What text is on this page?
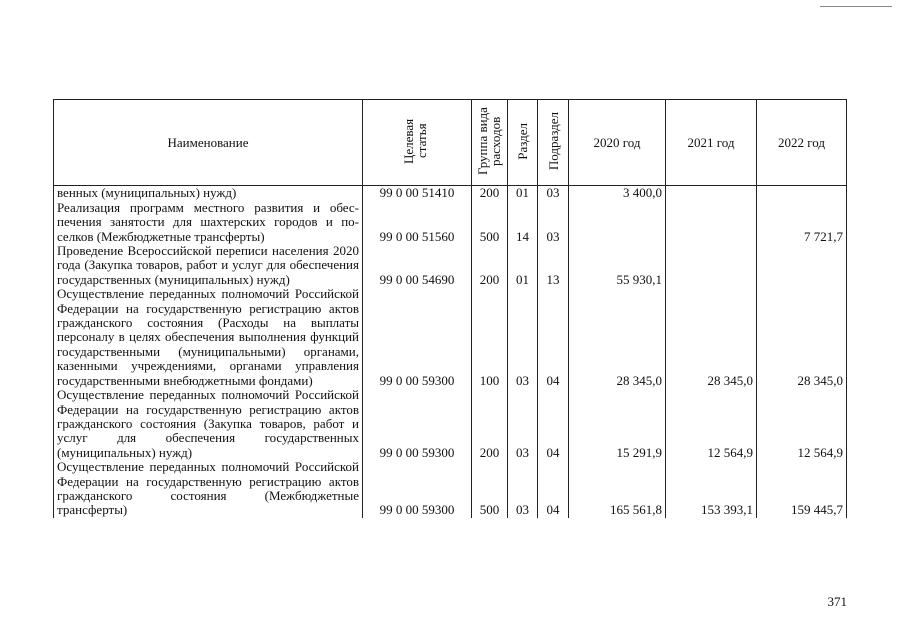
Наименование	Целевая статья	Группа вида расходов	Раздел	Подраздел	2020 год	2021 год	2022 год
венных (муниципальных) нужд)	99 0 00 51410	200	01	03	3 400,0		
Реализация программ местного развития и обеспечения занятости для шахтерских городов и поселков (Межбюджетные трансферты)	99 0 00 51560	500	14	03			7 721,7
Проведение Всероссийской переписи населения 2020 года (Закупка товаров, работ и услуг для обеспечения государственных (муниципальных) нужд)	99 0 00 54690	200	01	13	55 930,1		
Осуществление переданных полномочий Российской Федерации на государственную регистрацию актов гражданского состояния (Расходы на выплаты персоналу в целях обеспечения выполнения функций государственными (муниципальными) органами, казенными учреждениями, органами управления государственными внебюджетными фондами)	99 0 00 59300	100	03	04	28 345,0	28 345,0	28 345,0
Осуществление переданных полномочий Российской Федерации на государственную регистрацию актов гражданского состояния (Закупка товаров, работ и услуг для обеспечения государственных (муниципальных) нужд)	99 0 00 59300	200	03	04	15 291,9	12 564,9	12 564,9
Осуществление переданных полномочий Российской Федерации на государственную регистрацию актов гражданского состояния (Межбюджетные трансферты)	99 0 00 59300	500	03	04	165 561,8	153 393,1	159 445,7
371
